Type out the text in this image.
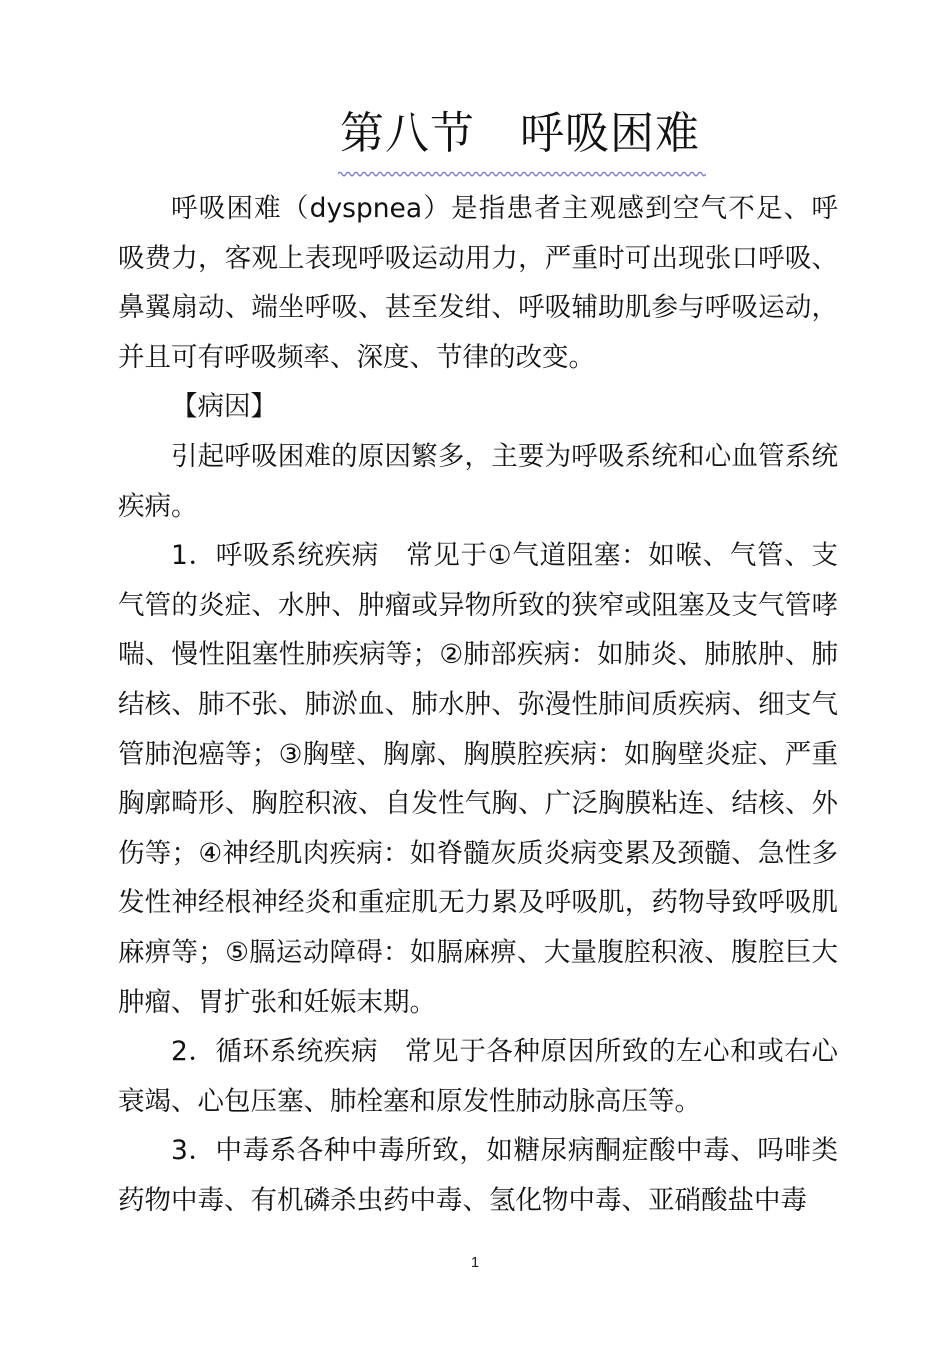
第八节　呼吸困难

呼吸困难（dyspnea）是指患者主观感到空气不足、呼吸费力，客观上表现呼吸运动用力，严重时可出现张口呼吸、鼻翼扇动、端坐呼吸、甚至发绀、呼吸辅助肌参与呼吸运动，并且可有呼吸频率、深度、节律的改变。

【病因】

引起呼吸困难的原因繁多，主要为呼吸系统和心血管系统疾病。

1．呼吸系统疾病　常见于①气道阻塞：如喉、气管、支气管的炎症、水肿、肿瘤或异物所致的狭窄或阻塞及支气管哮喘、慢性阻塞性肺疾病等；②肺部疾病：如肺炎、肺脓肿、肺结核、肺不张、肺淤血、肺水肿、弥漫性肺间质疾病、细支气管肺泡癌等；③胸壁、胸廓、胸膜腔疾病：如胸壁炎症、严重胸廓畸形、胸腔积液、自发性气胸、广泛胸膜粘连、结核、外伤等；④神经肌肉疾病：如脊髓灰质炎病变累及颈髓、急性多发性神经根神经炎和重症肌无力累及呼吸肌，药物导致呼吸肌麻痹等；⑤膈运动障碍：如膈麻痹、大量腹腔积液、腹腔巨大肿瘤、胃扩张和妊娠末期。

2．循环系统疾病　常见于各种原因所致的左心和或右心衰竭、心包压塞、肺栓塞和原发性肺动脉高压等。

3．中毒系各种中毒所致，如糖尿病酮症酸中毒、吗啡类药物中毒、有机磷杀虫药中毒、氢化物中毒、亚硝酸盐中毒

1
